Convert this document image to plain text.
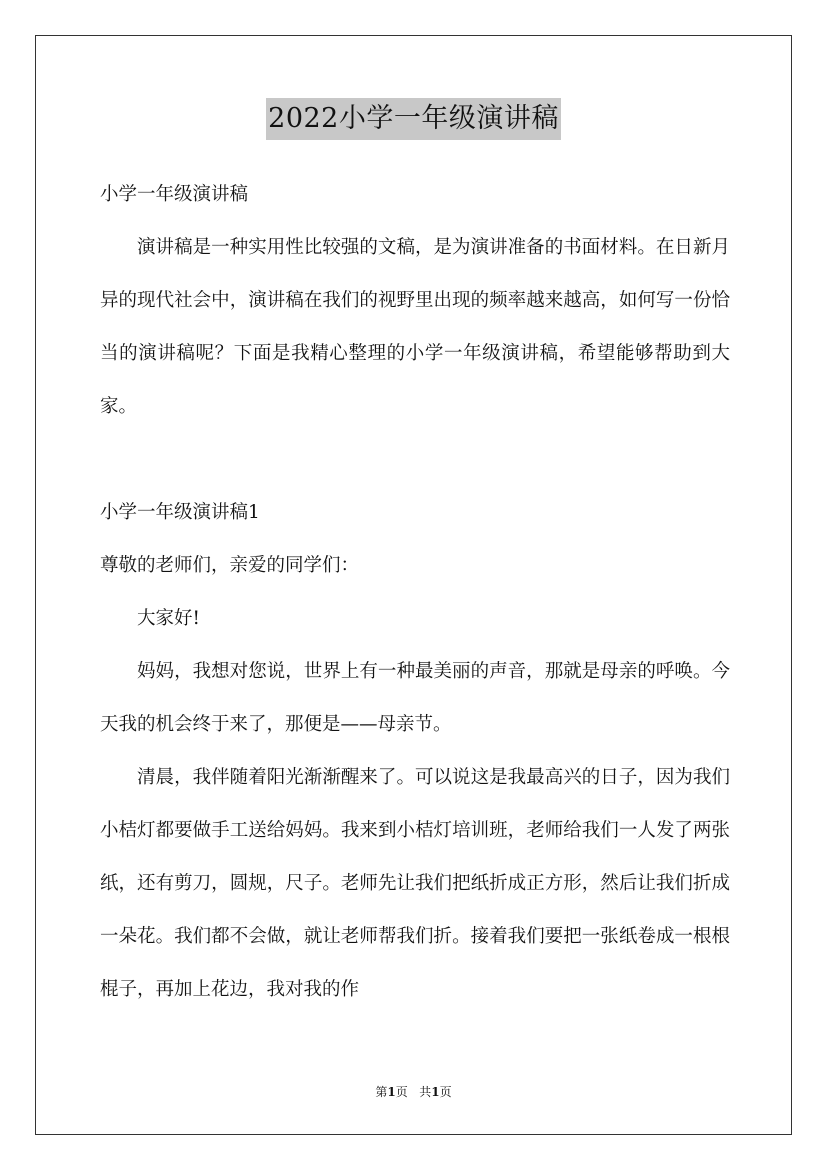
2022小学一年级演讲稿

小学一年级演讲稿

演讲稿是一种实用性比较强的文稿，是为演讲准备的书面材料。在日新月异的现代社会中，演讲稿在我们的视野里出现的频率越来越高，如何写一份恰当的演讲稿呢？下面是我精心整理的小学一年级演讲稿，希望能够帮助到大家。

小学一年级演讲稿1

尊敬的老师们，亲爱的同学们：

大家好!

妈妈，我想对您说，世界上有一种最美丽的声音，那就是母亲的呼唤。今天我的机会终于来了，那便是——母亲节。

清晨，我伴随着阳光渐渐醒来了。可以说这是我最高兴的日子，因为我们小桔灯都要做手工送给妈妈。我来到小桔灯培训班，老师给我们一人发了两张纸，还有剪刀，圆规，尺子。老师先让我们把纸折成正方形，然后让我们折成一朵花。我们都不会做，就让老师帮我们折。接着我们要把一张纸卷成一根根棍子，再加上花边，我对我的作

第1页 共1页
